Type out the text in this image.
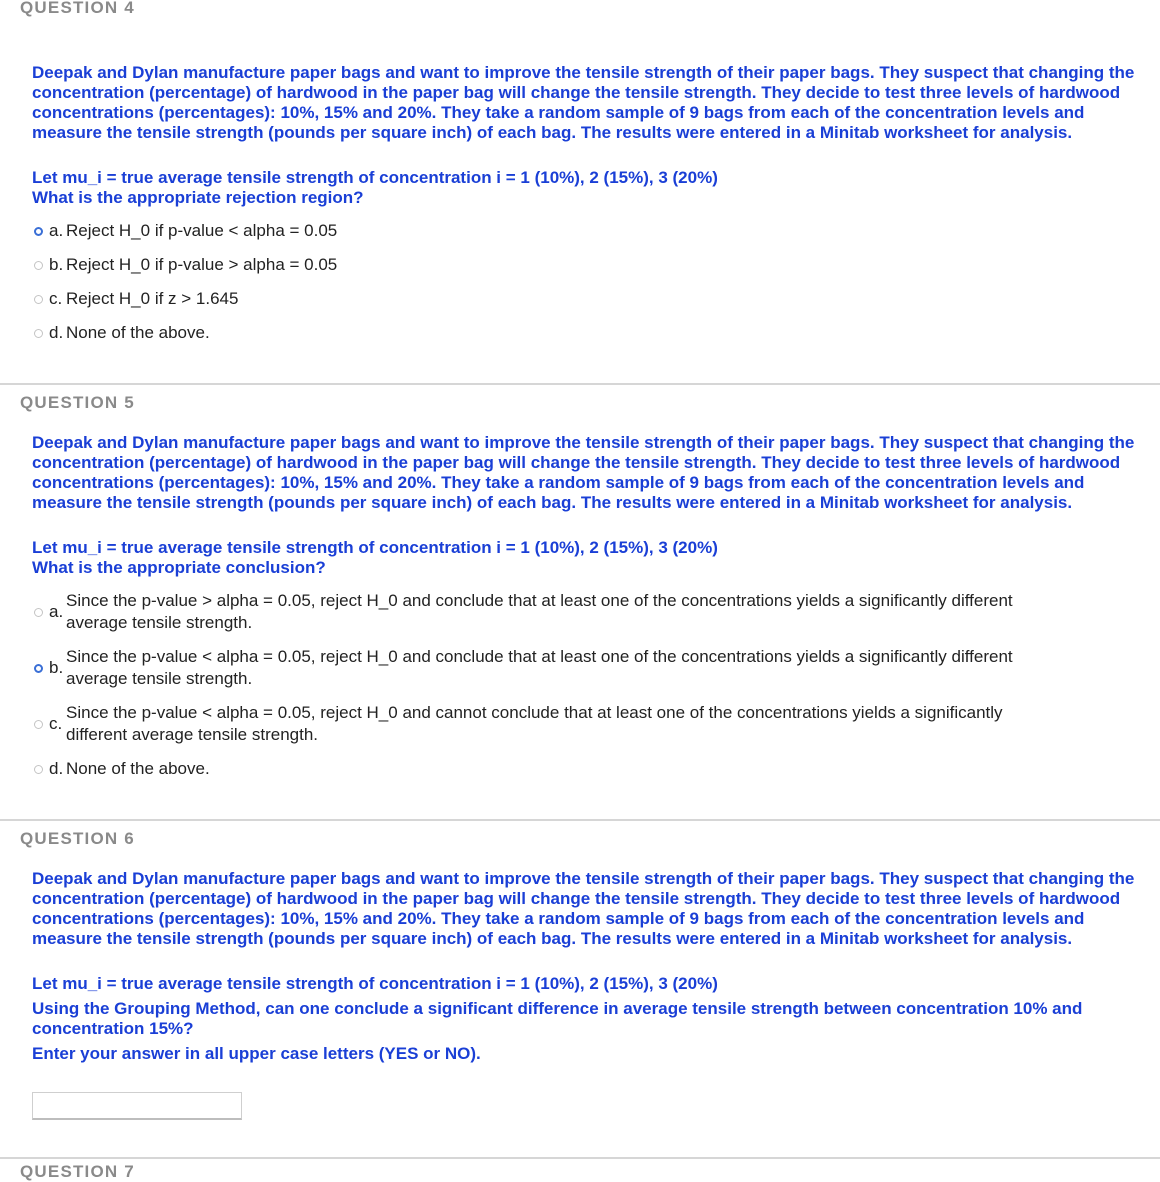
QUESTION 4
Deepak and Dylan manufacture paper bags and want to improve the tensile strength of their paper bags. They suspect that changing the concentration (percentage) of hardwood in the paper bag will change the tensile strength. They decide to test three levels of hardwood concentrations (percentages): 10%, 15% and 20%. They take a random sample of 9 bags from each of the concentration levels and measure the tensile strength (pounds per square inch) of each bag. The results were entered in a Minitab worksheet for analysis.
Let mu_i = true average tensile strength of concentration i = 1 (10%), 2 (15%), 3 (20%)
What is the appropriate rejection region?
a. Reject H_0 if p-value < alpha = 0.05
b. Reject H_0 if p-value > alpha = 0.05
c. Reject H_0 if z > 1.645
d. None of the above.
QUESTION 5
Deepak and Dylan manufacture paper bags and want to improve the tensile strength of their paper bags. They suspect that changing the concentration (percentage) of hardwood in the paper bag will change the tensile strength. They decide to test three levels of hardwood concentrations (percentages): 10%, 15% and 20%. They take a random sample of 9 bags from each of the concentration levels and measure the tensile strength (pounds per square inch) of each bag. The results were entered in a Minitab worksheet for analysis.
Let mu_i = true average tensile strength of concentration i = 1 (10%), 2 (15%), 3 (20%)
What is the appropriate conclusion?
a.
Since the p-value > alpha = 0.05, reject H_0 and conclude that at least one of the concentrations yields a significantly different
average tensile strength.
b.
Since the p-value < alpha = 0.05, reject H_0 and conclude that at least one of the concentrations yields a significantly different
average tensile strength.
c.
Since the p-value < alpha = 0.05, reject H_0 and cannot conclude that at least one of the concentrations yields a significantly
different average tensile strength.
d. None of the above.
QUESTION 6
Deepak and Dylan manufacture paper bags and want to improve the tensile strength of their paper bags. They suspect that changing the concentration (percentage) of hardwood in the paper bag will change the tensile strength. They decide to test three levels of hardwood concentrations (percentages): 10%, 15% and 20%. They take a random sample of 9 bags from each of the concentration levels and measure the tensile strength (pounds per square inch) of each bag. The results were entered in a Minitab worksheet for analysis.
Let mu_i = true average tensile strength of concentration i = 1 (10%), 2 (15%), 3 (20%)
Using the Grouping Method, can one conclude a significant difference in average tensile strength between concentration 10% and concentration 15%?
Enter your answer in all upper case letters (YES or NO).
QUESTION 7
